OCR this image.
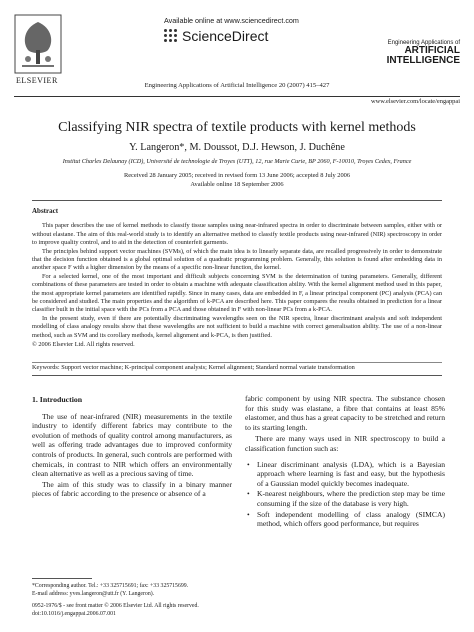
ELSEVIER
Available online at www.sciencedirect.com
ScienceDirect	Engineering Applications of
ARTIFICIAL
INTELLIGENCE
Engineering Applications of Artificial Intelligence 20 (2007) 415–427
www.elsevier.com/locate/engappai
Classifying NIR spectra of textile products with kernel methods
Y. Langeron*, M. Doussot, D.J. Hewson, J. Duchêne
Institut Charles Delaunay (ICD), Université de technologie de Troyes (UTT), 12, rue Marie Curie, BP 2060, F-10010, Troyes Cedex, France
Received 28 January 2005; received in revised form 13 June 2006; accepted 8 July 2006
Available online 18 September 2006
Abstract

This paper describes the use of kernel methods to classify tissue samples using near-infrared spectra in order to discriminate between samples, either with or without elastane. The aim of this real-world study is to identify an alternative method to classify textile products using near-infrared (NIR) spectroscopy in order to improve quality control, and to aid in the detection of counterfeit garments.

The principles behind support vector machines (SVMs), of which the main idea is to linearly separate data, are recalled progressively in order to demonstrate that the decision function obtained is a global optimal solution of a quadratic programming problem. Generally, this solution is found after embedding data in another space F with a higher dimension by the means of a specific non-linear function, the kernel.

For a selected kernel, one of the most important and difficult subjects concerning SVM is the determination of tuning parameters. Generally, different combinations of these parameters are tested in order to obtain a machine with adequate classification ability. With the kernel alignment method used in this paper, the most appropriate kernel parameters are identified rapidly. Since in many cases, data are embedded in F, a linear principal component (PC) analysis (PCA) can be considered and studied. The main properties and the algorithm of k-PCA are described here. This paper compares the results obtained in prediction for a linear classifier built in the initial space with the PCs from a PCA and those obtained in F with non-linear PCs from a k-PCA.

In the present study, even if there are potentially discriminating wavelengths seen on the NIR spectra, linear discriminant analysis and soft independent modelling of class analogy results show that these wavelengths are not sufficient to build a machine with correct generalisation ability. The use of a non-linear method, such as SVM and its corollary methods, kernel alignment and k-PCA, is then justified.

© 2006 Elsevier Ltd. All rights reserved.
Keywords: Support vector machine; K-principal component analysis; Kernel alignment; Standard normal variate transformation
1. Introduction

The use of near-infrared (NIR) measurements in the textile industry to identify different fabrics may contribute to the evolution of methods of quality control among manufacturers, as well as offering trade advantages due to improved conformity controls of products. In general, such controls are performed with chemicals, in contrast to NIR which offers an environmentally clean alternative as well as a precious saving of time.

The aim of this study was to classify in a binary manner pieces of fabric according to the presence or absence of a

fabric component by using NIR spectra. The substance chosen for this study was elastane, a fibre that contains at least 85% elastomer, and thus has a great capacity to be stretched and return to its starting length.

There are many ways used in NIR spectroscopy to build a classification function such as:

• Linear discriminant analysis (LDA), which is a Bayesian approach where learning is fast and easy, but the hypothesis of a Gaussian model quickly becomes inadequate.
• K-nearest neighbours, where the prediction step may be time consuming if the size of the database is very high.
• Soft independent modelling of class analogy (SIMCA) method, which offers good performance, but requires
*Corresponding author. Tel.: +33 325715691; fax: +33 325715699.
E-mail address: yves.langeron@utt.fr (Y. Langeron).
0952-1976/$ - see front matter © 2006 Elsevier Ltd. All rights reserved.
doi:10.1016/j.engappai.2006.07.001
